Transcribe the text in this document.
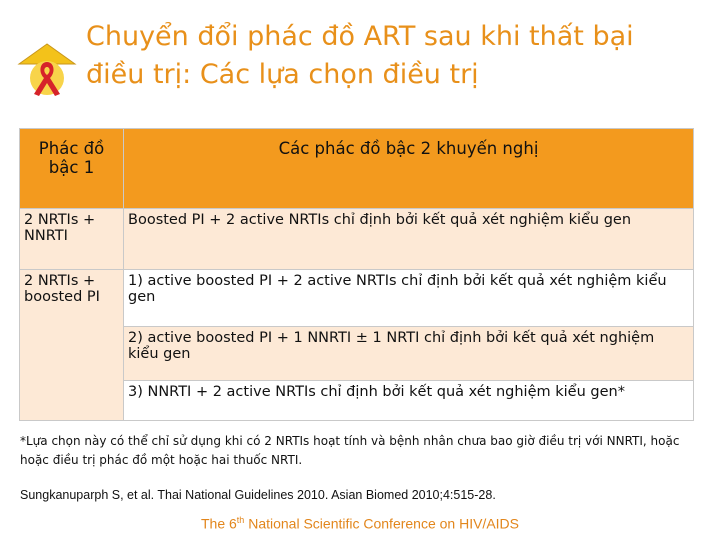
Chuyển đổi phác đồ ART sau khi thất bại
điều trị: Các lựa chọn điều trị
Phác đồ bậc 1	Các phác đồ bậc 2 khuyến nghị
2 NRTIs + NNRTI	Boosted PI + 2 active NRTIs chỉ định bởi kết quả xét nghiệm kiểu gen
2 NRTIs + boosted PI	1) active boosted PI + 2 active NRTIs chỉ định bởi kết quả xét nghiệm kiểu gen
	2) active boosted PI + 1 NNRTI ± 1 NRTI chỉ định bởi kết quả xét nghiệm kiểu gen
	3) NNRTI + 2 active NRTIs chỉ định bởi kết quả xét nghiệm kiểu gen*
*Lựa chọn này có thể chỉ sử dụng khi có 2 NRTIs hoạt tính và bệnh nhân chưa bao giờ điều trị với NNRTI, hoặc hoặc điều trị phác đồ một hoặc hai thuốc NRTI.
Sungkanuparph S, et al. Thai National Guidelines 2010. Asian Biomed 2010;4:515-28.
The 6th National Scientific Conference on HIV/AIDS
